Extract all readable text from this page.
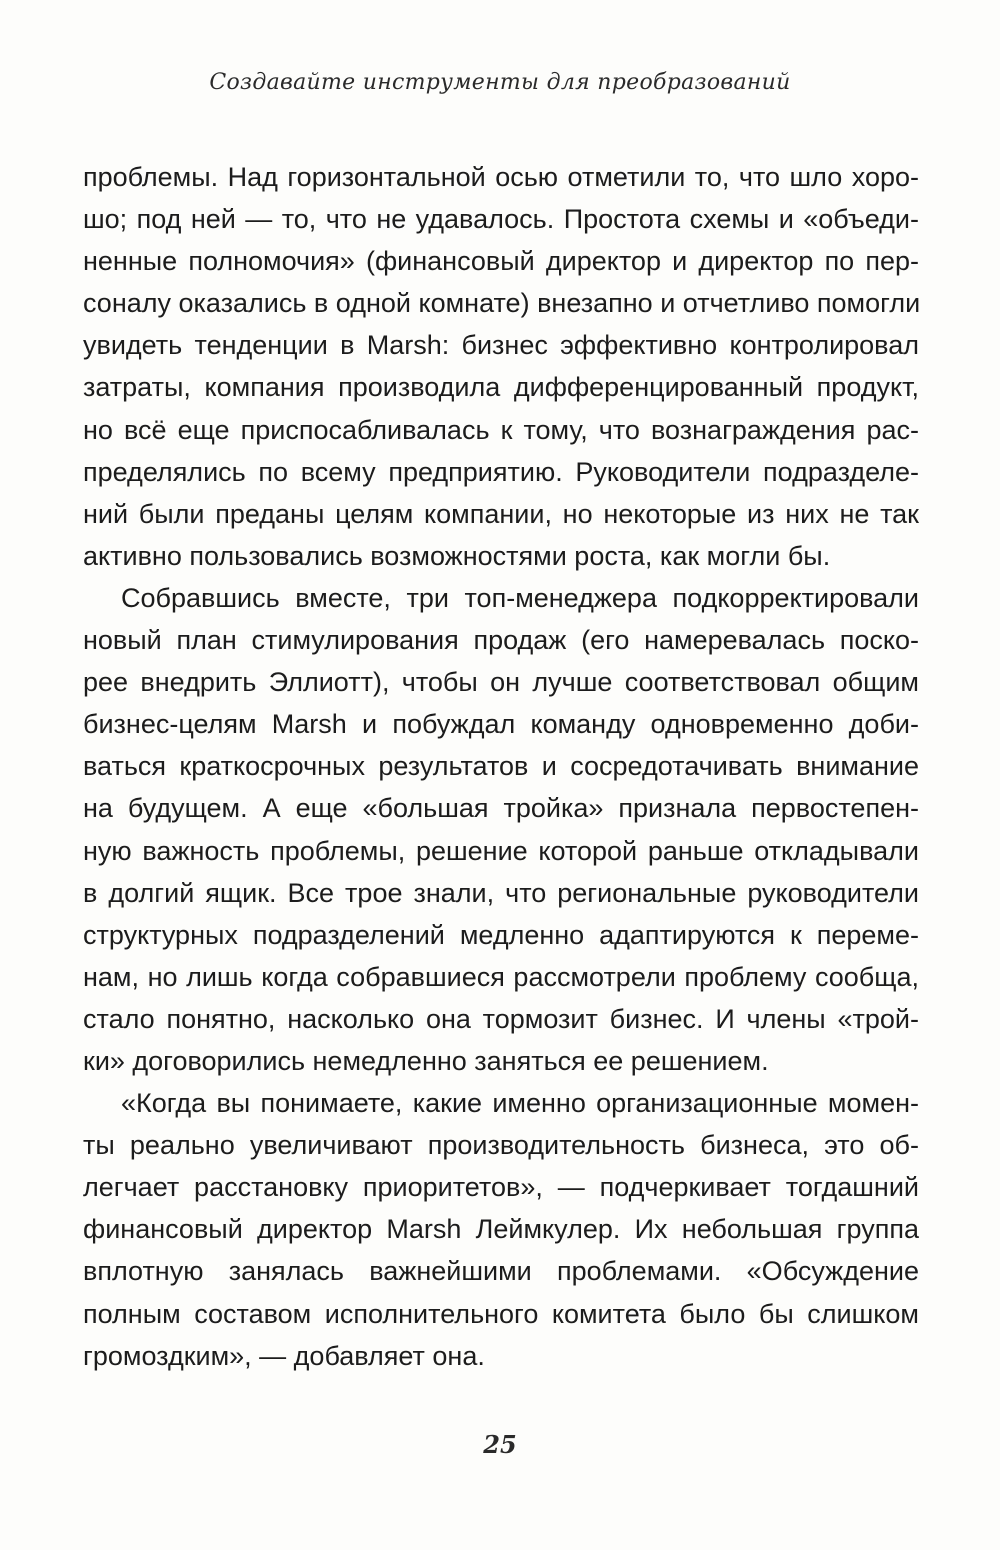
Создавайте инструменты для преобразований
проблемы. Над горизонтальной осью отметили то, что шло хоро-
шо; под ней — то, что не удавалось. Простота схемы и «объеди-
ненные полномочия» (финансовый директор и директор по пер-
соналу оказались в одной комнате) внезапно и отчетливо помогли
увидеть тенденции в Marsh: бизнес эффективно контролировал
затраты, компания производила дифференцированный продукт,
но всё еще приспосабливалась к тому, что вознаграждения рас-
пределялись по всему предприятию. Руководители подразделе-
ний были преданы целям компании, но некоторые из них не так
активно пользовались возможностями роста, как могли бы.
Собравшись вместе, три топ-менеджера подкорректировали
новый план стимулирования продаж (его намеревалась поско-
рее внедрить Эллиотт), чтобы он лучше соответствовал общим
бизнес-целям Marsh и побуждал команду одновременно доби-
ваться краткосрочных результатов и сосредотачивать внимание
на будущем. А еще «большая тройка» признала первостепен-
ную важность проблемы, решение которой раньше откладывали
в долгий ящик. Все трое знали, что региональные руководители
структурных подразделений медленно адаптируются к переме-
нам, но лишь когда собравшиеся рассмотрели проблему сообща,
стало понятно, насколько она тормозит бизнес. И члены «трой-
ки» договорились немедленно заняться ее решением.
«Когда вы понимаете, какие именно организационные момен-
ты реально увеличивают производительность бизнеса, это об-
легчает расстановку приоритетов», — подчеркивает тогдашний
финансовый директор Marsh Леймкулер. Их небольшая группа
вплотную занялась важнейшими проблемами. «Обсуждение
полным составом исполнительного комитета было бы слишком
громоздким», — добавляет она.
25
